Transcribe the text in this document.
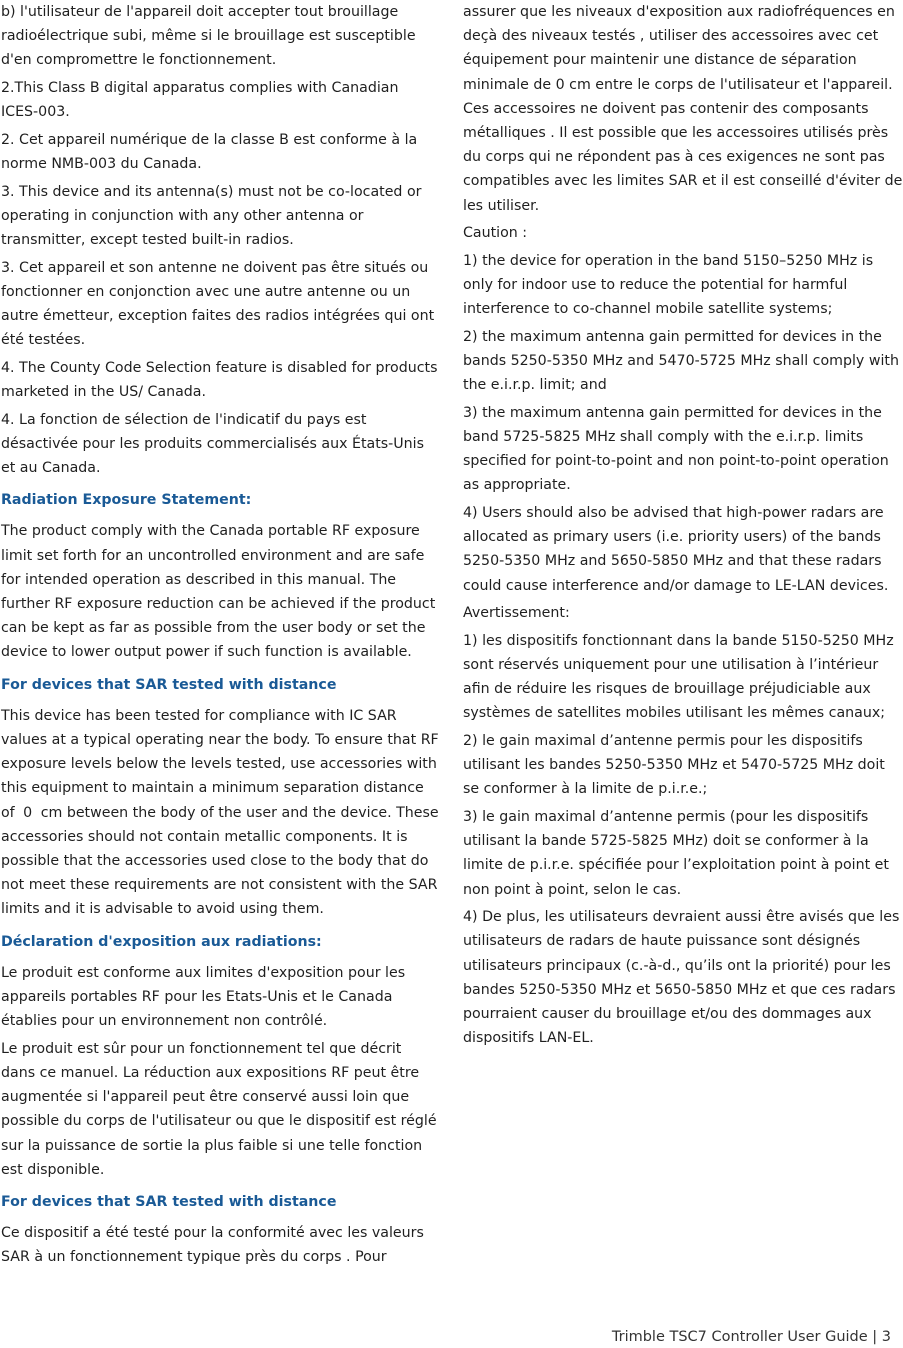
b) l'utilisateur de l'appareil doit accepter tout brouillage radioélectrique subi, même si le brouillage est susceptible d'en compromettre le fonctionnement.

2.This Class B digital apparatus complies with Canadian ICES-003.

2. Cet appareil numérique de la classe B est conforme à la norme NMB-003 du Canada.

3. This device and its antenna(s) must not be co-located or operating in conjunction with any other antenna or transmitter, except tested built-in radios.

3. Cet appareil et son antenne ne doivent pas être situés ou fonctionner en conjonction avec une autre antenne ou un autre émetteur, exception faites des radios intégrées qui ont été testées.

4. The County Code Selection feature is disabled for products marketed in the US/ Canada.

4. La fonction de sélection de l'indicatif du pays est désactivée pour les produits commercialisés aux États-Unis et au Canada.

Radiation Exposure Statement:

The product comply with the Canada portable RF exposure limit set forth for an uncontrolled environment and are safe for intended operation as described in this manual. The further RF exposure reduction can be achieved if the product can be kept as far as possible from the user body or set the device to lower output power if such function is available.

For devices that SAR tested with distance

This device has been tested for compliance with IC SAR values at a typical operating near the body. To ensure that RF exposure levels below the levels tested, use accessories with this equipment to maintain a minimum separation distance of 0 cm between the body of the user and the device. These accessories should not contain metallic components. It is possible that the accessories used close to the body that do not meet these requirements are not consistent with the SAR limits and it is advisable to avoid using them.

Déclaration d'exposition aux radiations:

Le produit est conforme aux limites d'exposition pour les appareils portables RF pour les Etats-Unis et le Canada établies pour un environnement non contrôlé.

Le produit est sûr pour un fonctionnement tel que décrit dans ce manuel. La réduction aux expositions RF peut être augmentée si l'appareil peut être conservé aussi loin que possible du corps de l'utilisateur ou que le dispositif est réglé sur la puissance de sortie la plus faible si une telle fonction est disponible.

For devices that SAR tested with distance

Ce dispositif a été testé pour la conformité avec les valeurs SAR à un fonctionnement typique près du corps . Pour

assurer que les niveaux d'exposition aux radiofréquences en deçà des niveaux testés , utiliser des accessoires avec cet équipement pour maintenir une distance de séparation minimale de 0 cm entre le corps de l'utilisateur et l'appareil. Ces accessoires ne doivent pas contenir des composants métalliques . Il est possible que les accessoires utilisés près du corps qui ne répondent pas à ces exigences ne sont pas compatibles avec les limites SAR et il est conseillé d'éviter de les utiliser.

Caution :

1) the device for operation in the band 5150–5250 MHz is only for indoor use to reduce the potential for harmful interference to co-channel mobile satellite systems;

2) the maximum antenna gain permitted for devices in the bands 5250-5350 MHz and 5470-5725 MHz shall comply with the e.i.r.p. limit; and

3) the maximum antenna gain permitted for devices in the band 5725-5825 MHz shall comply with the e.i.r.p. limits specified for point-to-point and non point-to-point operation as appropriate.

4) Users should also be advised that high-power radars are allocated as primary users (i.e. priority users) of the bands 5250-5350 MHz and 5650-5850 MHz and that these radars could cause interference and/or damage to LE-LAN devices.

Avertissement:

1) les dispositifs fonctionnant dans la bande 5150-5250 MHz sont réservés uniquement pour une utilisation à l’intérieur afin de réduire les risques de brouillage préjudiciable aux systèmes de satellites mobiles utilisant les mêmes canaux;

2) le gain maximal d’antenne permis pour les dispositifs utilisant les bandes 5250-5350 MHz et 5470-5725 MHz doit se conformer à la limite de p.i.r.e.;

3) le gain maximal d’antenne permis (pour les dispositifs utilisant la bande 5725-5825 MHz) doit se conformer à la limite de p.i.r.e. spécifiée pour l’exploitation point à point et non point à point, selon le cas.

4) De plus, les utilisateurs devraient aussi être avisés que les utilisateurs de radars de haute puissance sont désignés utilisateurs principaux (c.-à-d., qu’ils ont la priorité) pour les bandes 5250-5350 MHz et 5650-5850 MHz et que ces radars pourraient causer du brouillage et/ou des dommages aux dispositifs LAN-EL.

Trimble TSC7 Controller User Guide | 3
